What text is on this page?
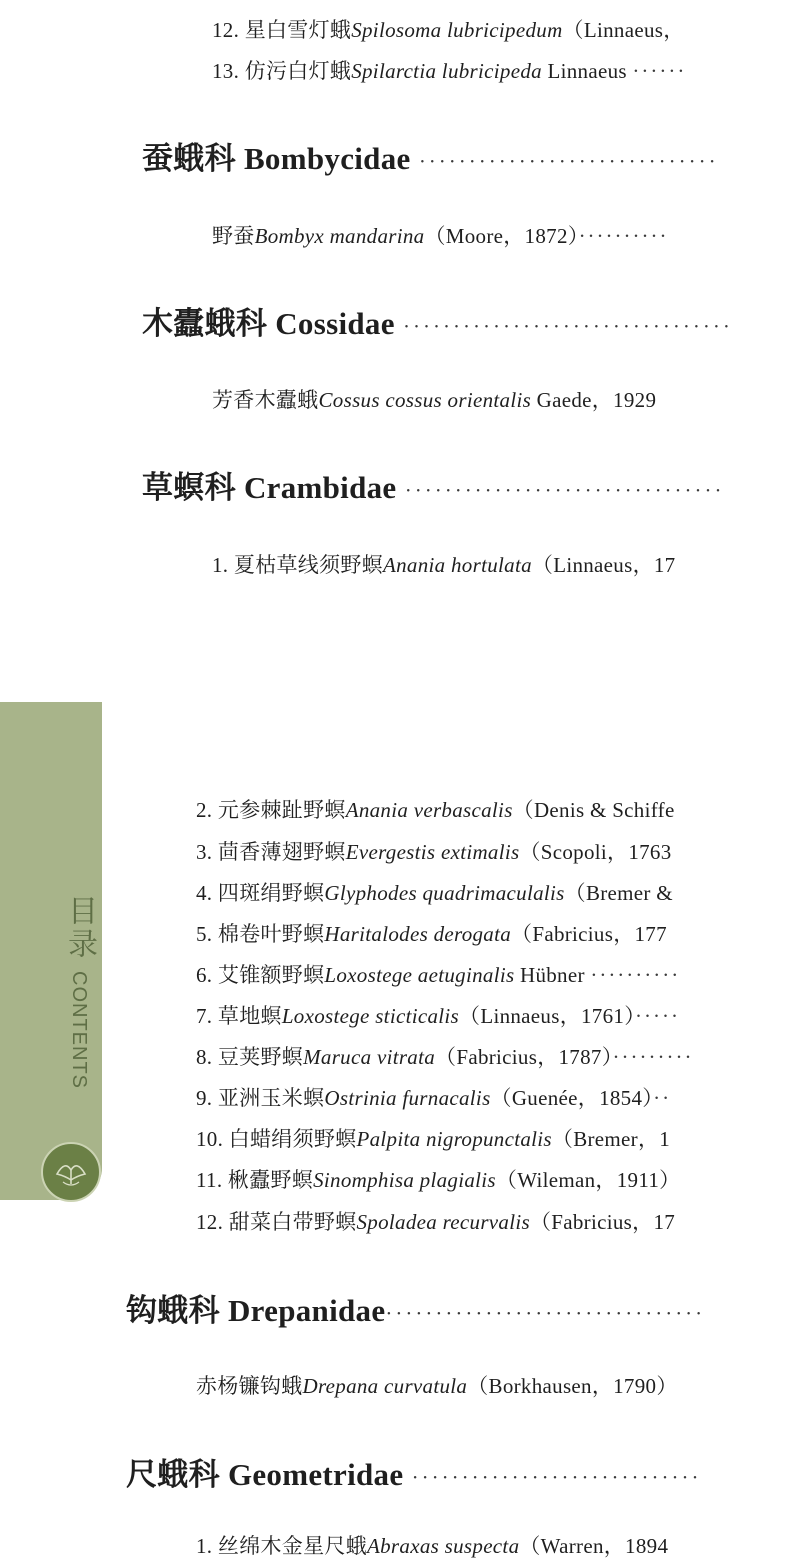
目录 CONTENTS
12. 星白雪灯蛾Spilosoma lubricipedum（Linnaeus，
13. 仿污白灯蛾Spilarctia lubricipeda Linnaeus ······
蚕蛾科 Bombycidae ······························
野蚕Bombyx mandarina（Moore，1872）··········
木蠹蛾科 Cossidae ·································
芳香木蠹蛾Cossus cossus orientalis Gaede，1929
草螟科 Crambidae ································
1. 夏枯草线须野螟Anania hortulata（Linnaeus，17
2. 元参棘趾野螟Anania verbascalis（Denis & Schiffe
3. 茴香薄翅野螟Evergestis extimalis（Scopoli，1763
4. 四斑绢野螟Glyphodes quadrimaculalis（Bremer &
5. 棉卷叶野螟Haritalodes derogata（Fabricius，177
6. 艾锥额野螟Loxostege aetuginalis Hübner ··········
7. 草地螟Loxostege sticticalis（Linnaeus，1761）·····
8. 豆荚野螟Maruca vitrata（Fabricius，1787）·········
9. 亚洲玉米螟Ostrinia furnacalis（Guenée，1854）··
10. 白蜡绢须野螟Palpita nigropunctalis（Bremer，1
11. 楸蠹野螟Sinomphisa plagialis（Wileman，1911）
12. 甜菜白带野螟Spoladea recurvalis（Fabricius，17
钩蛾科 Drepanidae································
赤杨镰钩蛾Drepana curvatula（Borkhausen，1790）
尺蛾科 Geometridae ·····························
1. 丝绵木金星尺蛾Abraxas suspecta（Warren，1894
